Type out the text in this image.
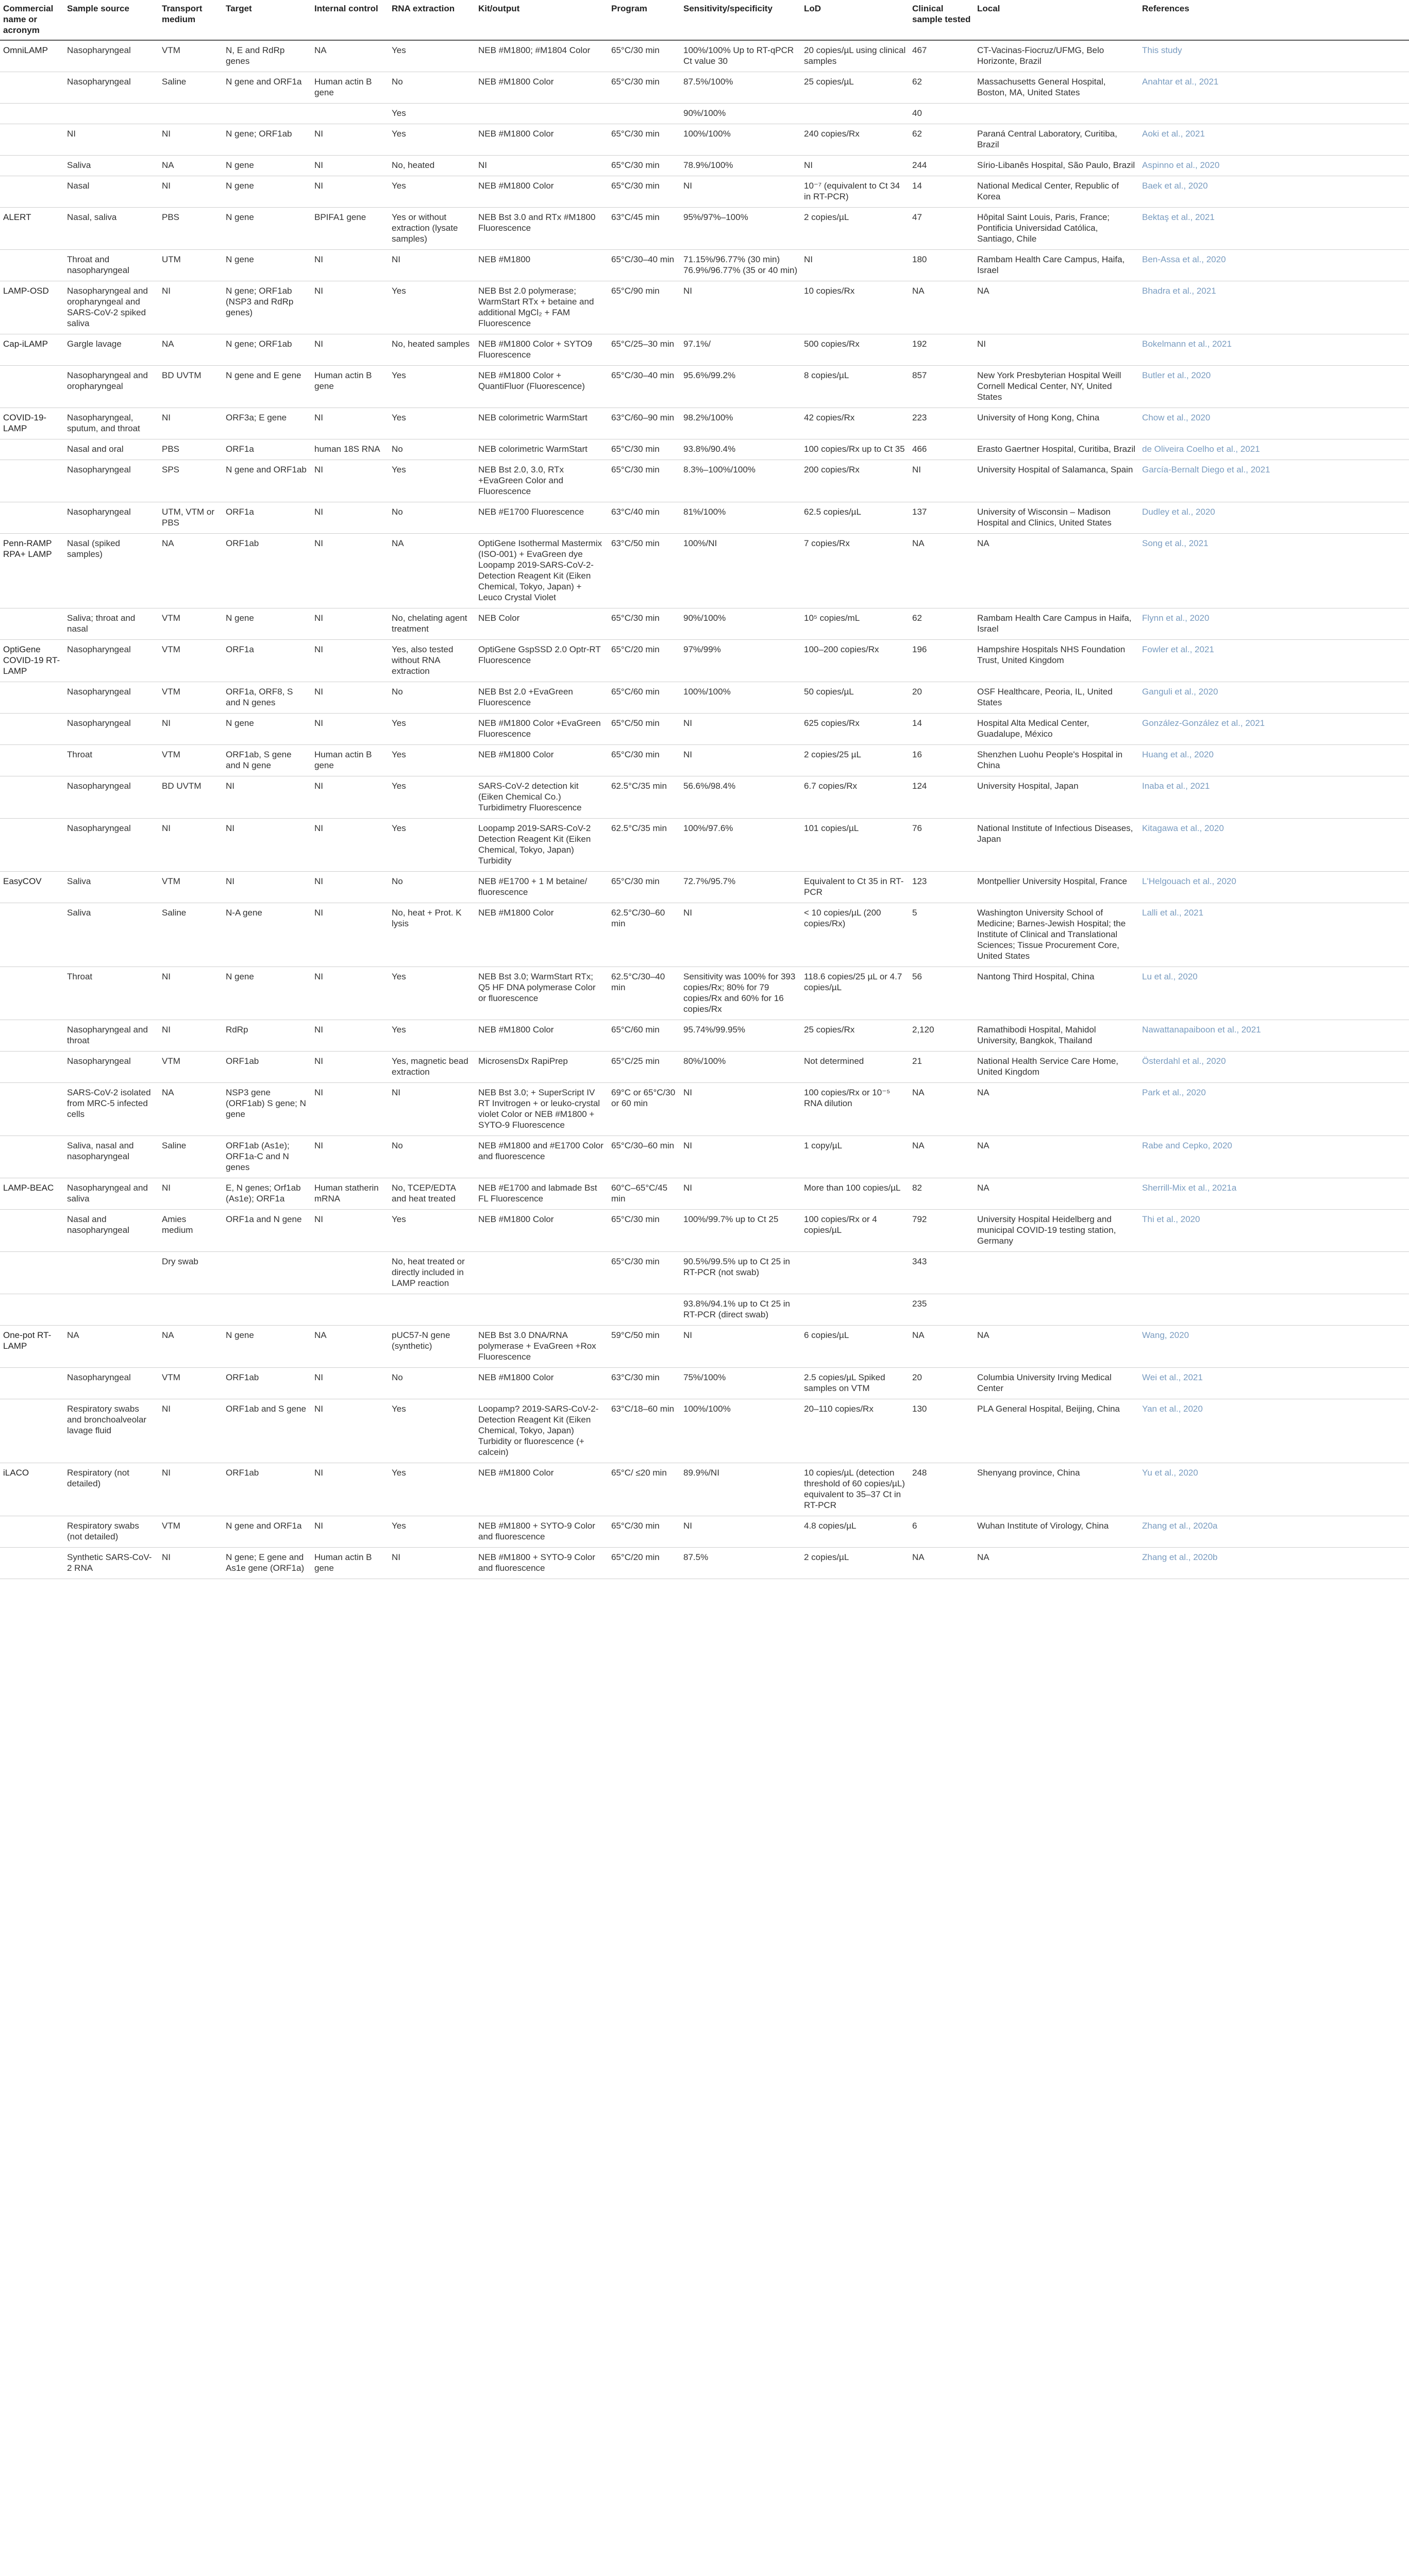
Commercial name or acronym	Sample source	Transport medium	Target	Internal control	RNA extraction	Kit/output	Program	Sensitivity/specificity	LoD	Clinical sample tested	Local	References
OmniLAMP	Nasopharyngeal	VTM	N, E and RdRp genes	NA	Yes	NEB #M1800; #M1804 Color	65°C/30 min	100%/100% Up to RT-qPCR Ct value 30	20 copies/µL using clinical samples	467	CT-Vacinas-Fiocruz/UFMG, Belo Horizonte, Brazil	This study
	Nasopharyngeal	Saline	N gene and ORF1a	Human actin B gene	No	NEB #M1800 Color	65°C/30 min	87.5%/100%	25 copies/µL	62	Massachusetts General Hospital, Boston, MA, United States	Anahtar et al., 2021
					Yes			90%/100%		40		
	NI	NI	N gene; ORF1ab	NI	Yes	NEB #M1800 Color	65°C/30 min	100%/100%	240 copies/Rx	62	Paraná Central Laboratory, Curitiba, Brazil	Aoki et al., 2021
	Saliva	NA	N gene	NI	No, heated	NI	65°C/30 min	78.9%/100%	NI	244	Sírio-Libanês Hospital, São Paulo, Brazil	Aspinno et al., 2020
	Nasal	NI	N gene	NI	Yes	NEB #M1800 Color	65°C/30 min	NI	10⁻⁷ (equivalent to Ct 34 in RT-PCR)	14	National Medical Center, Republic of Korea	Baek et al., 2020
ALERT	Nasal, saliva	PBS	N gene	BPIFA1 gene	Yes or without extraction (lysate samples)	NEB Bst 3.0 and RTx #M1800 Fluorescence	63°C/45 min	95%/97%–100%	2 copies/µL	47	Hôpital Saint Louis, Paris, France; Pontificia Universidad Católica, Santiago, Chile	Bektaş et al., 2021
	Throat and nasopharyngeal	UTM	N gene	NI	NI	NEB #M1800	65°C/30–40 min	71.15%/96.77% (30 min) 76.9%/96.77% (35 or 40 min)	NI	180	Rambam Health Care Campus, Haifa, Israel	Ben-Assa et al., 2020
LAMP-OSD	Nasopharyngeal and oropharyngeal and SARS-CoV-2 spiked saliva	NI	N gene; ORF1ab (NSP3 and RdRp genes)	NI	Yes	NEB Bst 2.0 polymerase; WarmStart RTx + betaine and additional MgCl₂ + FAM Fluorescence	65°C/90 min	NI	10 copies/Rx	NA	NA	Bhadra et al., 2021
Cap-iLAMP	Gargle lavage	NA	N gene; ORF1ab	NI	No, heated samples	NEB #M1800 Color + SYTO9 Fluorescence	65°C/25–30 min	97.1%/	500 copies/Rx	192	NI	Bokelmann et al., 2021
	Nasopharyngeal and oropharyngeal	BD UVTM	N gene and E gene	Human actin B gene	Yes	NEB #M1800 Color + QuantiFluor (Fluorescence)	65°C/30–40 min	95.6%/99.2%	8 copies/µL	857	New York Presbyterian Hospital Weill Cornell Medical Center, NY, United States	Butler et al., 2020
COVID-19-LAMP	Nasopharyngeal, sputum, and throat	NI	ORF3a; E gene	NI	Yes	NEB colorimetric WarmStart	63°C/60–90 min	98.2%/100%	42 copies/Rx	223	University of Hong Kong, China	Chow et al., 2020
	Nasal and oral	PBS	ORF1a	human 18S RNA	No	NEB colorimetric WarmStart	65°C/30 min	93.8%/90.4%	100 copies/Rx up to Ct 35	466	Erasto Gaertner Hospital, Curitiba, Brazil	de Oliveira Coelho et al., 2021
	Nasopharyngeal	SPS	N gene and ORF1ab	NI	Yes	NEB Bst 2.0, 3.0, RTx +EvaGreen Color and Fluorescence	65°C/30 min	8.3%–100%/100%	200 copies/Rx	NI	University Hospital of Salamanca, Spain	García-Bernalt Diego et al., 2021
	Nasopharyngeal	UTM, VTM or PBS	ORF1a	NI	No	NEB #E1700 Fluorescence	63°C/40 min	81%/100%	62.5 copies/µL	137	University of Wisconsin – Madison Hospital and Clinics, United States	Dudley et al., 2020
Penn-RAMP RPA+ LAMP	Nasal (spiked samples)	NA	ORF1ab	NI	NA	OptiGene Isothermal Mastermix (ISO-001) + EvaGreen dye Loopamp 2019-SARS-CoV-2-Detection Reagent Kit (Eiken Chemical, Tokyo, Japan) + Leuco Crystal Violet	63°C/50 min	100%/NI	7 copies/Rx	NA	NA	Song et al., 2021
	Saliva; throat and nasal	VTM	N gene	NI	No, chelating agent treatment	NEB Color	65°C/30 min	90%/100%	10⁵ copies/mL	62	Rambam Health Care Campus in Haifa, Israel	Flynn et al., 2020
OptiGene COVID-19 RT-LAMP	Nasopharyngeal	VTM	ORF1a	NI	Yes, also tested without RNA extraction	OptiGene GspSSD 2.0 Optr-RT Fluorescence	65°C/20 min	97%/99%	100–200 copies/Rx	196	Hampshire Hospitals NHS Foundation Trust, United Kingdom	Fowler et al., 2021
	Nasopharyngeal	VTM	ORF1a, ORF8, S and N genes	NI	No	NEB Bst 2.0 +EvaGreen Fluorescence	65°C/60 min	100%/100%	50 copies/µL	20	OSF Healthcare, Peoria, IL, United States	Ganguli et al., 2020
	Nasopharyngeal	NI	N gene	NI	Yes	NEB #M1800 Color +EvaGreen Fluorescence	65°C/50 min	NI	625 copies/Rx	14	Hospital Alta Medical Center, Guadalupe, México	González-González et al., 2021
	Throat	VTM	ORF1ab, S gene and N gene	Human actin B gene	Yes	NEB #M1800 Color	65°C/30 min	NI	2 copies/25 µL	16	Shenzhen Luohu People's Hospital in China	Huang et al., 2020
	Nasopharyngeal	BD UVTM	NI	NI	Yes	SARS-CoV-2 detection kit (Eiken Chemical Co.) Turbidimetry Fluorescence	62.5°C/35 min	56.6%/98.4%	6.7 copies/Rx	124	University Hospital, Japan	Inaba et al., 2021
	Nasopharyngeal	NI	NI	NI	Yes	Loopamp 2019-SARS-CoV-2 Detection Reagent Kit (Eiken Chemical, Tokyo, Japan) Turbidity	62.5°C/35 min	100%/97.6%	101 copies/µL	76	National Institute of Infectious Diseases, Japan	Kitagawa et al., 2020
EasyCOV	Saliva	VTM	NI	NI	No	NEB #E1700 + 1 M betaine/ fluorescence	65°C/30 min	72.7%/95.7%	Equivalent to Ct 35 in RT-PCR	123	Montpellier University Hospital, France	L'Helgouach et al., 2020
	Saliva	Saline	N-A gene	NI	No, heat + Prot. K lysis	NEB #M1800 Color	62.5°C/30–60 min	NI	< 10 copies/µL (200 copies/Rx)	5	Washington University School of Medicine; Barnes-Jewish Hospital; the Institute of Clinical and Translational Sciences; Tissue Procurement Core, United States	Lalli et al., 2021
	Throat	NI	N gene	NI	Yes	NEB Bst 3.0; WarmStart RTx; Q5 HF DNA polymerase Color or fluorescence	62.5°C/30–40 min	Sensitivity was 100% for 393 copies/Rx; 80% for 79 copies/Rx and 60% for 16 copies/Rx	118.6 copies/25 µL or 4.7 copies/µL	56	Nantong Third Hospital, China	Lu et al., 2020
	Nasopharyngeal and throat	NI	RdRp	NI	Yes	NEB #M1800 Color	65°C/60 min	95.74%/99.95%	25 copies/Rx	2,120	Ramathibodi Hospital, Mahidol University, Bangkok, Thailand	Nawattanapaiboon et al., 2021
	Nasopharyngeal	VTM	ORF1ab	NI	Yes, magnetic bead extraction	MicrosensDx RapiPrep	65°C/25 min	80%/100%	Not determined	21	National Health Service Care Home, United Kingdom	Österdahl et al., 2020
	SARS-CoV-2 isolated from MRC-5 infected cells	NA	NSP3 gene (ORF1ab) S gene; N gene	NI	NI	NEB Bst 3.0; + SuperScript IV RT Invitrogen + or leuko-crystal violet Color or NEB #M1800 + SYTO-9 Fluorescence	69°C or 65°C/30 or 60 min	NI	100 copies/Rx or 10⁻⁵ RNA dilution	NA	NA	Park et al., 2020
	Saliva, nasal and nasopharyngeal	Saline	ORF1ab (As1e); ORF1a-C and N genes	NI	No	NEB #M1800 and #E1700 Color and fluorescence	65°C/30–60 min	NI	1 copy/µL	NA	NA	Rabe and Cepko, 2020
LAMP-BEAC	Nasopharyngeal and saliva	NI	E, N genes; Orf1ab (As1e); ORF1a	Human statherin mRNA	No, TCEP/EDTA and heat treated	NEB #E1700 and labmade Bst FL Fluorescence	60°C–65°C/45 min	NI	More than 100 copies/µL	82	NA	Sherrill-Mix et al., 2021a
	Nasal and nasopharyngeal	Amies medium	ORF1a and N gene	NI	Yes	NEB #M1800 Color	65°C/30 min	100%/99.7% up to Ct 25	100 copies/Rx or 4 copies/µL	792	University Hospital Heidelberg and municipal COVID-19 testing station, Germany	Thi et al., 2020
		Dry swab			No, heat treated or directly included in LAMP reaction		65°C/30 min	90.5%/99.5% up to Ct 25 in RT-PCR (not swab)		343		
								93.8%/94.1% up to Ct 25 in RT-PCR (direct swab)		235		
One-pot RT-LAMP	NA	NA	N gene	NA	pUC57-N gene (synthetic)	NEB Bst 3.0 DNA/RNA polymerase + EvaGreen +Rox Fluorescence	59°C/50 min	NI	6 copies/µL	NA	NA	Wang, 2020
	Nasopharyngeal	VTM	ORF1ab	NI	No	NEB #M1800 Color	63°C/30 min	75%/100%	2.5 copies/µL Spiked samples on VTM	20	Columbia University Irving Medical Center	Wei et al., 2021
	Respiratory swabs and bronchoalveolar lavage fluid	NI	ORF1ab and S gene	NI	Yes	Loopamp? 2019-SARS-CoV-2-Detection Reagent Kit (Eiken Chemical, Tokyo, Japan) Turbidity or fluorescence (+ calcein)	63°C/18–60 min	100%/100%	20–110 copies/Rx	130	PLA General Hospital, Beijing, China	Yan et al., 2020
iLACO	Respiratory (not detailed)	NI	ORF1ab	NI	Yes	NEB #M1800 Color	65°C/ ≤20 min	89.9%/NI	10 copies/µL (detection threshold of 60 copies/µL) equivalent to 35–37 Ct in RT-PCR	248	Shenyang province, China	Yu et al., 2020
	Respiratory swabs (not detailed)	VTM	N gene and ORF1a	NI	Yes	NEB #M1800 + SYTO-9 Color and fluorescence	65°C/30 min	NI	4.8 copies/µL	6	Wuhan Institute of Virology, China	Zhang et al., 2020a
	Synthetic SARS-CoV-2 RNA	NI	N gene; E gene and As1e gene (ORF1a)	Human actin B gene	NI	NEB #M1800 + SYTO-9 Color and fluorescence	65°C/20 min	87.5%	2 copies/µL	NA	NA	Zhang et al., 2020b
